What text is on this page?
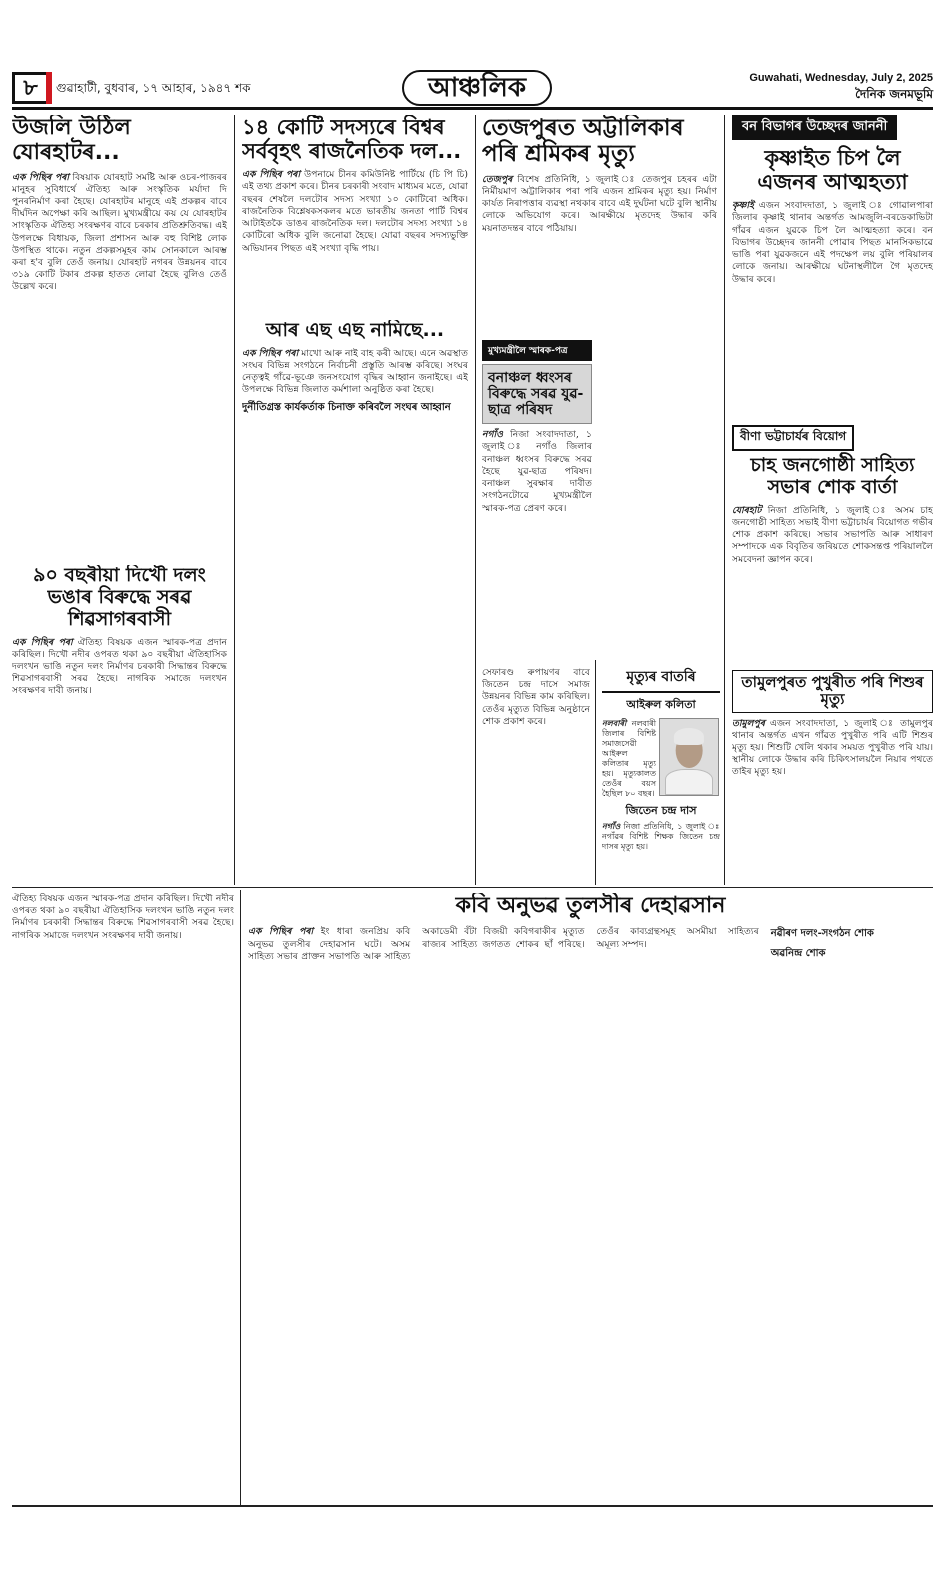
৮	গুৱাহাটী, বুধবাৰ, ১৭ আহাৰ, ১৯৪৭ শক	আঞ্চলিক	Guwahati, Wednesday, July 2, 2025
দৈনিক জনমভূমি
উজলি উঠিল যোৰহাটৰ...
এক পিছিৰ পৰা বিষয়াক যোৰহাট সমষ্টি আৰু ওচৰ-পাজৰৰ মানুহৰ সুবিধাৰ্থে ঐতিহ্য আৰু সংস্কৃতিক মৰ্যাদা দি পুনৰনিৰ্মাণ কৰা হৈছে। যোৰহাটৰ মানুহে এই প্ৰকল্পৰ বাবে দীৰ্ঘদিন অপেক্ষা কৰি আছিল। মুখ্যমন্ত্ৰীয়ে কয় যে যোৰহাটৰ সাংস্কৃতিক ঐতিহ্য সংৰক্ষণৰ বাবে চৰকাৰ প্ৰতিশ্ৰুতিবদ্ধ। এই উপলক্ষে বিধায়ক, জিলা প্ৰশাসন আৰু বহু বিশিষ্ট লোক উপস্থিত থাকে। নতুন প্ৰকল্পসমূহৰ কাম সোনকালে আৰম্ভ কৰা হ'ব বুলি তেওঁ জনায়। যোৰহাট নগৰৰ উন্নয়নৰ বাবে ৩১৯ কোটি টকাৰ প্ৰকল্প হাতত লোৱা হৈছে বুলিও তেওঁ উল্লেখ কৰে।
১৪ কোটি সদস্যৰে বিশ্বৰ সৰ্ববৃহৎ ৰাজনৈতিক দল...
এক পিছিৰ পৰা উপনামে চীনৰ কমিউনিষ্ট পাৰ্টিয়ে (চি পি চি) এই তথ্য প্ৰকাশ কৰে। চীনৰ চৰকাৰী সংবাদ মাধ্যমৰ মতে, যোৱা বছৰৰ শেষলৈ দলটোৰ সদস্য সংখ্যা ১০ কোটিৰো অধিক। ৰাজনৈতিক বিশ্লেষকসকলৰ মতে ভাৰতীয় জনতা পাৰ্টি বিশ্বৰ আটাইতকৈ ডাঙৰ ৰাজনৈতিক দল। দলটোৰ সদস্য সংখ্যা ১৪ কোটিৰো অধিক বুলি জনোৱা হৈছে। যোৱা বছৰৰ সদস্যভুক্তি অভিযানৰ পিছত এই সংখ্যা বৃদ্ধি পায়।
তেজপুৰত অট্টালিকাৰ পৰি শ্ৰমিকৰ মৃত্যু
তেজপুৰ বিশেষ প্ৰতিনিধি, ১ জুলাই ঃ তেজপুৰ চহৰৰ এটা নিৰ্মীয়মাণ অট্টালিকাৰ পৰা পৰি এজন শ্ৰমিকৰ মৃত্যু হয়। নিৰ্মাণ কাৰ্যত নিৰাপত্তাৰ ব্যৱস্থা নথকাৰ বাবে এই দুৰ্ঘটনা ঘটে বুলি স্থানীয় লোকে অভিযোগ কৰে। আৰক্ষীয়ে মৃতদেহ উদ্ধাৰ কৰি ময়নাতদন্তৰ বাবে পঠিয়ায়।
বন বিভাগৰ উচ্ছেদৰ জাননী
কৃষ্ণাইত চিপ লৈ এজনৰ আত্মহত্যা
কৃষ্ণাই এজন সংবাদদাতা, ১ জুলাই ঃ গোৱালপাৰা জিলাৰ কৃষ্ণাই থানাৰ অন্তৰ্গত আমজুলি-বৰডেকাভিটা গাঁৱৰ এজন যুৱকে চিপ লৈ আত্মহত্যা কৰে। বন বিভাগৰ উচ্ছেদৰ জাননী পোৱাৰ পিছত মানসিকভাৱে ভাঙি পৰা যুৱকজনে এই পদক্ষেপ লয় বুলি পৰিয়ালৰ লোকে জনায়। আৰক্ষীয়ে ঘটনাস্থলীলৈ গৈ মৃতদেহ উদ্ধাৰ কৰে।
মুখ্যমন্ত্ৰীলৈ স্মাৰক-পত্ৰ
বনাঞ্চল ধ্বংসৰ বিৰুদ্ধে সৰৱ যুৱ-ছাত্ৰ পৰিষদ
নগাঁও নিজা সংবাদদাতা, ১ জুলাই ঃ নগাঁও জিলাৰ বনাঞ্চল ধ্বংসৰ বিৰুদ্ধে সৰৱ হৈছে যুৱ-ছাত্ৰ পৰিষদ। বনাঞ্চল সুৰক্ষাৰ দাবীত সংগঠনটোৱে মুখ্যমন্ত্ৰীলৈ স্মাৰক-পত্ৰ প্ৰেৰণ কৰে।
আৰ এছ এছ নামিছে...
এক পিছিৰ পৰা মাখো আৰু নাই বাহ কৰী আছে। এনে অৱস্থাত সংঘৰ বিভিন্ন সংগঠনে নিৰ্বাচনী প্ৰস্তুতি আৰম্ভ কৰিছে। সংঘৰ নেতৃত্বই গাঁৱে-ভূঞে জনসংযোগ বৃদ্ধিৰ আহ্বান জনাইছে। এই উপলক্ষে বিভিন্ন জিলাত কৰ্মশালা অনুষ্ঠিত কৰা হৈছে।
দুৰ্নীতিগ্ৰস্ত কাৰ্যকৰ্তাক চিনাক্ত কৰিবলৈ সংঘৰ আহ্বান
৯০ বছৰীয়া দিখৌ দলং ভঙাৰ বিৰুদ্ধে সৰৱ শিৱসাগৰবাসী
এক পিছিৰ পৰা ঐতিহ্য বিষয়ক এজন স্মাৰক-পত্ৰ প্ৰদান কৰিছিল। দিখৌ নদীৰ ওপৰত থকা ৯০ বছৰীয়া ঐতিহাসিক দলংখন ভাঙি নতুন দলং নিৰ্মাণৰ চৰকাৰী সিদ্ধান্তৰ বিৰুদ্ধে শিৱসাগৰবাসী সৰৱ হৈছে। নাগৰিক সমাজে দলংখন সংৰক্ষণৰ দাবী জনায়।
বীণা ভট্টাচাৰ্যৰ বিয়োগ
চাহ জনগোষ্ঠী সাহিত্য সভাৰ শোক বাৰ্তা
যোৰহাট নিজা প্ৰতিনিধি, ১ জুলাই ঃ অসম চাহ জনগোষ্ঠী সাহিত্য সভাই বীণা ভট্টাচাৰ্যৰ বিয়োগত গভীৰ শোক প্ৰকাশ কৰিছে। সভাৰ সভাপতি আৰু সাধাৰণ সম্পাদকে এক বিবৃতিৰ জৰিয়তে শোকসন্তপ্ত পৰিয়াললৈ সমবেদনা জ্ঞাপন কৰে।
তামুলপুৰত পুখুৰীত পৰি শিশুৰ মৃত্যু
তামুলপুৰ এজন সংবাদদাতা, ১ জুলাই ঃ তামুলপুৰ থানাৰ অন্তৰ্গত এখন গাঁৱত পুখুৰীত পৰি এটি শিশুৰ মৃত্যু হয়। শিশুটি খেলি থকাৰ সময়ত পুখুৰীত পৰি যায়। স্থানীয় লোকে উদ্ধাৰ কৰি চিকিৎসালয়লৈ নিয়াৰ পথতে তাইৰ মৃত্যু হয়।
মৃত্যুৰ বাতৰি
আইৰুল কলিতা
নলবাৰী নলবাৰী জিলাৰ বিশিষ্ট সমাজসেৱী আইৰুল কলিতাৰ মৃত্যু হয়। মৃত্যুকালত তেওঁৰ বয়স হৈছিল ৮০ বছৰ।
জিতেন চন্দ্ৰ দাস
নগাঁও নিজা প্ৰতিনিধি, ১ জুলাই ঃ নগাঁৱৰ বিশিষ্ট শিক্ষক জিতেন চন্দ্ৰ দাসৰ মৃত্যু হয়।
সেফাৰণ্ড ৰুপায়ণৰ বাবে জিতেন চন্দ্ৰ দাসে সমাজ উন্নয়নৰ বিভিন্ন কাম কৰিছিল। তেওঁৰ মৃত্যুত বিভিন্ন অনুষ্ঠানে শোক প্ৰকাশ কৰে।
কবি অনুভৱ তুলসীৰ দেহাৱসান
এক পিছিৰ পৰা ইং ধাৰা জনপ্ৰিয় কবি অনুভৱ তুলসীৰ দেহাৱসান ঘটে। অসম সাহিত্য সভাৰ প্ৰাক্তন সভাপতি আৰু সাহিত্য অকাডেমী বঁটা বিজয়ী কবিগৰাকীৰ মৃত্যুত ৰাজ্যৰ সাহিত্য জগতত শোকৰ ছাঁ পৰিছে। তেওঁৰ কাব্যগ্ৰন্থসমূহ অসমীয়া সাহিত্যৰ অমূল্য সম্পদ।
নৱীৰণ দলং-সংগঠন শোক
অৱনিন্দ্ৰ শোক
ঐতিহ্য বিষয়ক এজন স্মাৰক-পত্ৰ প্ৰদান কৰিছিল। দিখৌ নদীৰ ওপৰত থকা ৯০ বছৰীয়া ঐতিহাসিক দলংখন ভাঙি নতুন দলং নিৰ্মাণৰ চৰকাৰী সিদ্ধান্তৰ বিৰুদ্ধে শিৱসাগৰবাসী সৰৱ হৈছে। নাগৰিক সমাজে দলংখন সংৰক্ষণৰ দাবী জনায়।
